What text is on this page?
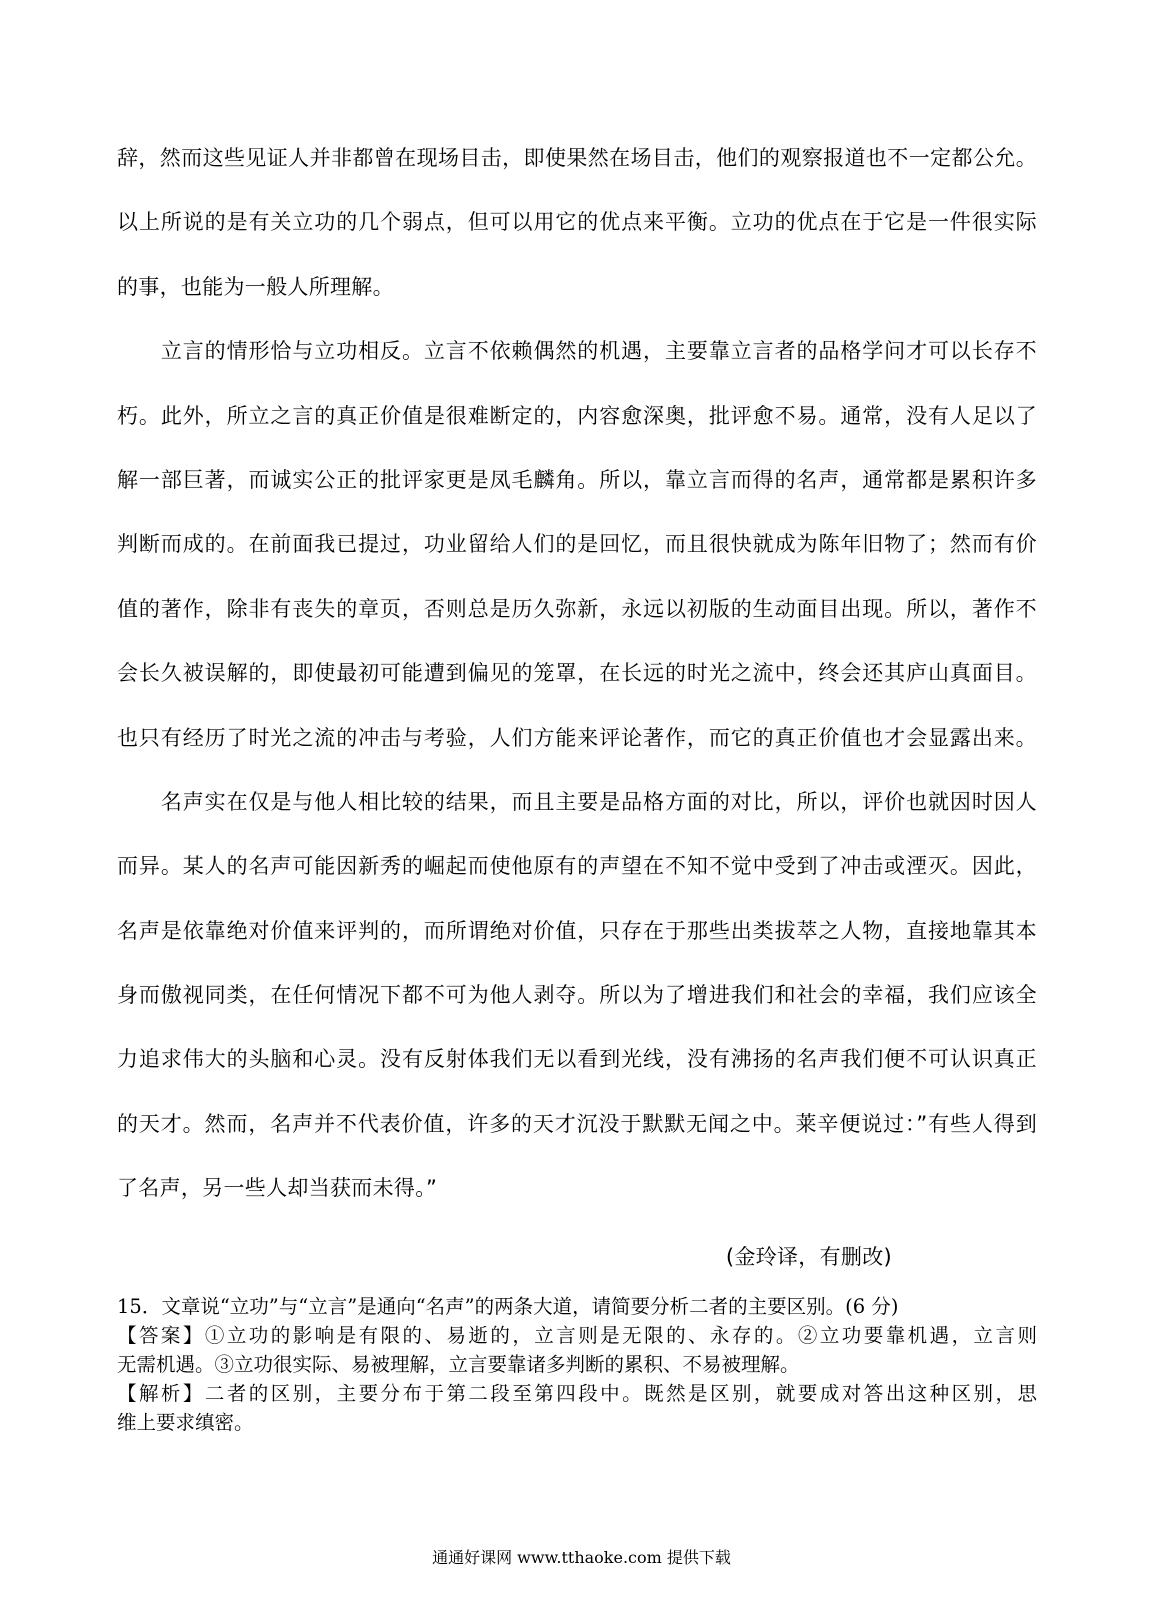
辞，然而这些见证人并非都曾在现场目击，即使果然在场目击，他们的观察报道也不一定都公允。
以上所说的是有关立功的几个弱点，但可以用它的优点来平衡。立功的优点在于它是一件很实际
的事，也能为一般人所理解。
　　立言的情形恰与立功相反。立言不依赖偶然的机遇，主要靠立言者的品格学问才可以长存不
朽。此外，所立之言的真正价值是很难断定的，内容愈深奥，批评愈不易。通常，没有人足以了
解一部巨著，而诚实公正的批评家更是凤毛麟角。所以，靠立言而得的名声，通常都是累积许多
判断而成的。在前面我已提过，功业留给人们的是回忆，而且很快就成为陈年旧物了；然而有价
值的著作，除非有丧失的章页，否则总是历久弥新，永远以初版的生动面目出现。所以，著作不
会长久被误解的，即使最初可能遭到偏见的笼罩，在长远的时光之流中，终会还其庐山真面目。
也只有经历了时光之流的冲击与考验，人们方能来评论著作，而它的真正价值也才会显露出来。
　　名声实在仅是与他人相比较的结果，而且主要是品格方面的对比，所以，评价也就因时因人
而异。某人的名声可能因新秀的崛起而使他原有的声望在不知不觉中受到了冲击或湮灭。因此，
名声是依靠绝对价值来评判的，而所谓绝对价值，只存在于那些出类拔萃之人物，直接地靠其本
身而傲视同类，在任何情况下都不可为他人剥夺。所以为了增进我们和社会的幸福，我们应该全
力追求伟大的头脑和心灵。没有反射体我们无以看到光线，没有沸扬的名声我们便不可认识真正
的天才。然而，名声并不代表价值，许多的天才沉没于默默无闻之中。莱辛便说过：”有些人得到
了名声，另一些人却当获而未得。”
(金玲译，有删改)
15．文章说“立功”与“立言”是通向“名声”的两条大道，请简要分析二者的主要区别。(6 分)
【答案】①立功的影响是有限的、易逝的，立言则是无限的、永存的。②立功要靠机遇，立言则
无需机遇。③立功很实际、易被理解，立言要靠诸多判断的累积、不易被理解。
【解析】二者的区别，主要分布于第二段至第四段中。既然是区别，就要成对答出这种区别，思
维上要求缜密。
通通好课网 www.tthaoke.com 提供下载
